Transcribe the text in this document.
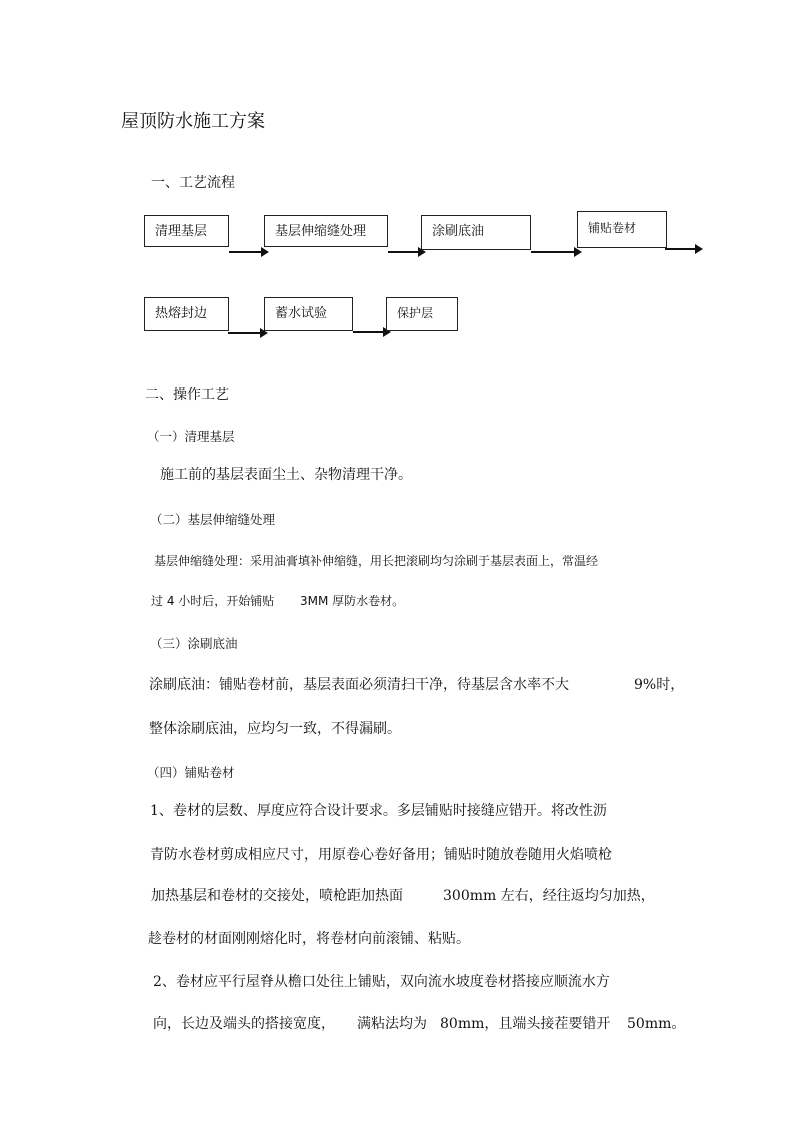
屋顶防水施工方案
一、工艺流程
清理基层	基层伸缩缝处理	涂刷底油	铺贴卷材
热熔封边	蓄水试验	保护层
二、操作工艺
（一）清理基层
施工前的基层表面尘土、杂物清理干净。
（二）基层伸缩缝处理
基层伸缩缝处理：采用油膏填补伸缩缝，用长把滚刷均匀涂刷于基层表面上，常温经
过 4 小时后，开始铺贴 3MM 厚防水卷材。
（三）涂刷底油
涂刷底油：铺贴卷材前，基层表面必须清扫干净，待基层含水率不大	9%时，
整体涂刷底油，应均匀一致，不得漏刷。
（四）铺贴卷材
1、卷材的层数、厚度应符合设计要求。多层铺贴时接缝应错开。将改性沥
青防水卷材剪成相应尺寸，用原卷心卷好备用；铺贴时随放卷随用火焰喷枪
加热基层和卷材的交接处，喷枪距加热面	300mm 左右，经往返均匀加热，
趁卷材的材面刚刚熔化时，将卷材向前滚铺、粘贴。
2、卷材应平行屋脊从檐口处往上铺贴，双向流水坡度卷材搭接应顺流水方
向，长边及端头的搭接宽度， 满粘法均为 80mm，且端头接茬要错开 50mm。
